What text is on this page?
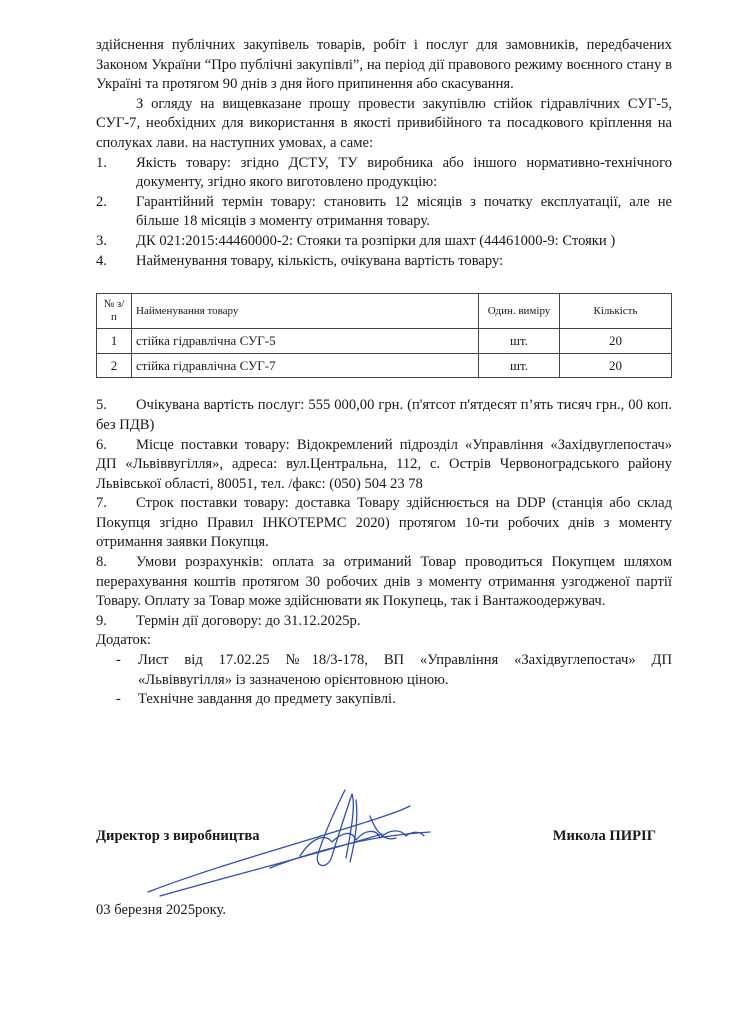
здійснення публічних закупівель товарів, робіт і послуг для замовників, передбачених Законом України “Про публічні закупівлі”, на період дії правового режиму воєнного стану в Україні та протягом 90 днів з дня його припинення або скасування.

З огляду на вищевказане прошу провести закупівлю стійок гідравлічних СУГ-5, СУГ-7, необхідних для використання в якості привибійного та посадкового кріплення на сполуках лави. на наступних умовах, а саме:

1.	Якість товару: згідно ДСТУ, ТУ виробника або іншого нормативно-технічного документу, згідно якого виготовлено продукцію:
2.	Гарантійний термін товару: становить 12 місяців з початку експлуатації, але не більше 18 місяців з моменту отримання товару.
3.	ДК 021:2015:44460000-2: Стояки та розпірки для шахт (44461000-9: Стояки )
4.	Найменування товару, кількість, очікувана вартість товару:
№ з/п	Найменування товару	Один. виміру	Кількість
1	стійка гідравлічна СУГ-5	шт.	20
2	стійка гідравлічна СУГ-7	шт.	20

5. Очікувана вартість послуг: 555 000,00 грн. (п'ятсот п'ятдесят п’ять тисяч грн., 00 коп. без ПДВ)

6. Місце поставки товару: Відокремлений підрозділ «Управління «Західвуглепостач» ДП «Львіввугілля», адреса: вул.Центральна, 112, с. Острів Червоноградського району Львівської області, 80051, тел. /факс: (050) 504 23 78

7. Строк поставки товару: доставка Товару здійснюється на DDP (станція або склад Покупця згідно Правил ІНКОТЕРМС 2020) протягом 10-ти робочих днів з моменту отримання заявки Покупця.

8. Умови розрахунків: оплата за отриманий Товар проводиться Покупцем шляхом перерахування коштів протягом 30 робочих днів з моменту отримання узгодженої партії Товару. Оплату за Товар може здійснювати як Покупець, так і Вантажоодержувач.

9. Термін дії договору: до 31.12.2025р.

Додаток:

-	Лист від 17.02.25 №18/3-178, ВП «Управління «Західвуглепостач» ДП «Львіввугілля» із зазначеною орієнтовною ціною.
-	Технічне завдання до предмету закупівлі.
Директор з виробництва	Микола ПИРІГ
03 березня 2025року.
